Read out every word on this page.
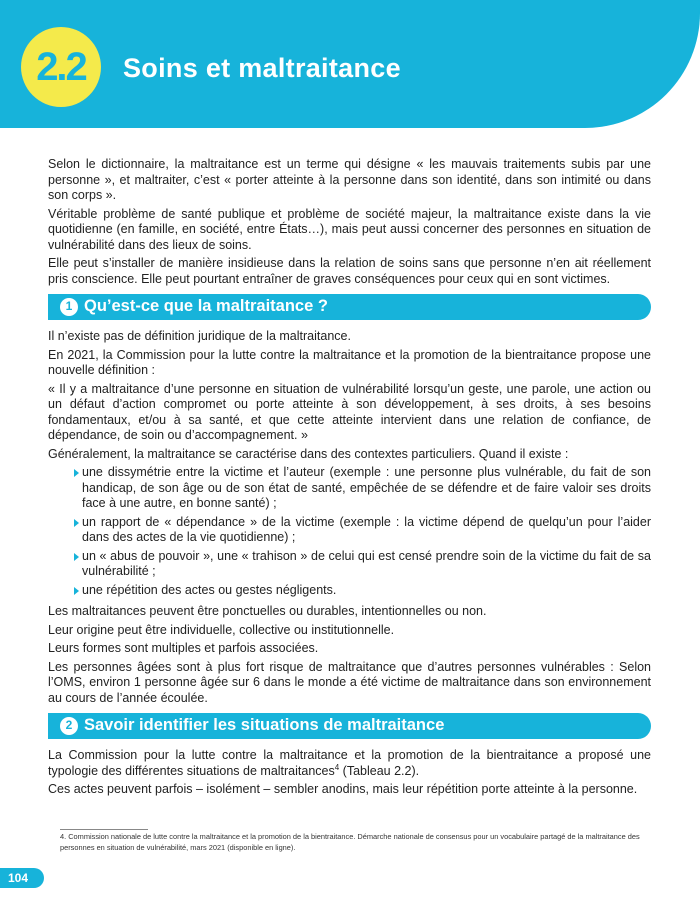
2.2	Soins et maltraitance

Selon le dictionnaire, la maltraitance est un terme qui désigne « les mauvais traitements subis par une personne », et maltraiter, c’est « porter atteinte à la personne dans son identité, dans son intimité ou dans son corps ».

Véritable problème de santé publique et problème de société majeur, la maltraitance existe dans la vie quotidienne (en famille, en société, entre États…), mais peut aussi concerner des personnes en situation de vulnérabilité dans des lieux de soins.

Elle peut s’installer de manière insidieuse dans la relation de soins sans que personne n’en ait réellement pris conscience. Elle peut pourtant entraîner de graves conséquences pour ceux qui en sont victimes.

1 Qu’est-ce que la maltraitance ?

Il n’existe pas de définition juridique de la maltraitance.

En 2021, la Commission pour la lutte contre la maltraitance et la promotion de la bientraitance propose une nouvelle définition :

« Il y a maltraitance d’une personne en situation de vulnérabilité lorsqu’un geste, une parole, une action ou un défaut d’action compromet ou porte atteinte à son développement, à ses droits, à ses besoins fondamentaux, et/ou à sa santé, et que cette atteinte intervient dans une relation de confiance, de dépendance, de soin ou d’accompagnement. »

Généralement, la maltraitance se caractérise dans des contextes particuliers. Quand il existe :

une dissymétrie entre la victime et l’auteur (exemple : une personne plus vulnérable, du fait de son handicap, de son âge ou de son état de santé, empêchée de se défendre et de faire valoir ses droits face à une autre, en bonne santé) ;
un rapport de « dépendance » de la victime (exemple : la victime dépend de quelqu’un pour l’aider dans des actes de la vie quotidienne) ;
un « abus de pouvoir », une « trahison » de celui qui est censé prendre soin de la victime du fait de sa vulnérabilité ;
une répétition des actes ou gestes négligents.

Les maltraitances peuvent être ponctuelles ou durables, intentionnelles ou non.

Leur origine peut être individuelle, collective ou institutionnelle.

Leurs formes sont multiples et parfois associées.

Les personnes âgées sont à plus fort risque de maltraitance que d’autres personnes vulnérables : Selon l’OMS, environ 1 personne âgée sur 6 dans le monde a été victime de maltraitance dans son environnement au cours de l’année écoulée.

2 Savoir identifier les situations de maltraitance

La Commission pour la lutte contre la maltraitance et la promotion de la bientraitance a proposé une typologie des différentes situations de maltraitances$^4$ (Tableau 2.2).

Ces actes peuvent parfois – isolément – sembler anodins, mais leur répétition porte atteinte à la personne.

4. Commission nationale de lutte contre la maltraitance et la promotion de la bientraitance. Démarche nationale de consensus pour un vocabulaire partagé de la maltraitance des personnes en situation de vulnérabilité, mars 2021 (disponible en ligne).
104
